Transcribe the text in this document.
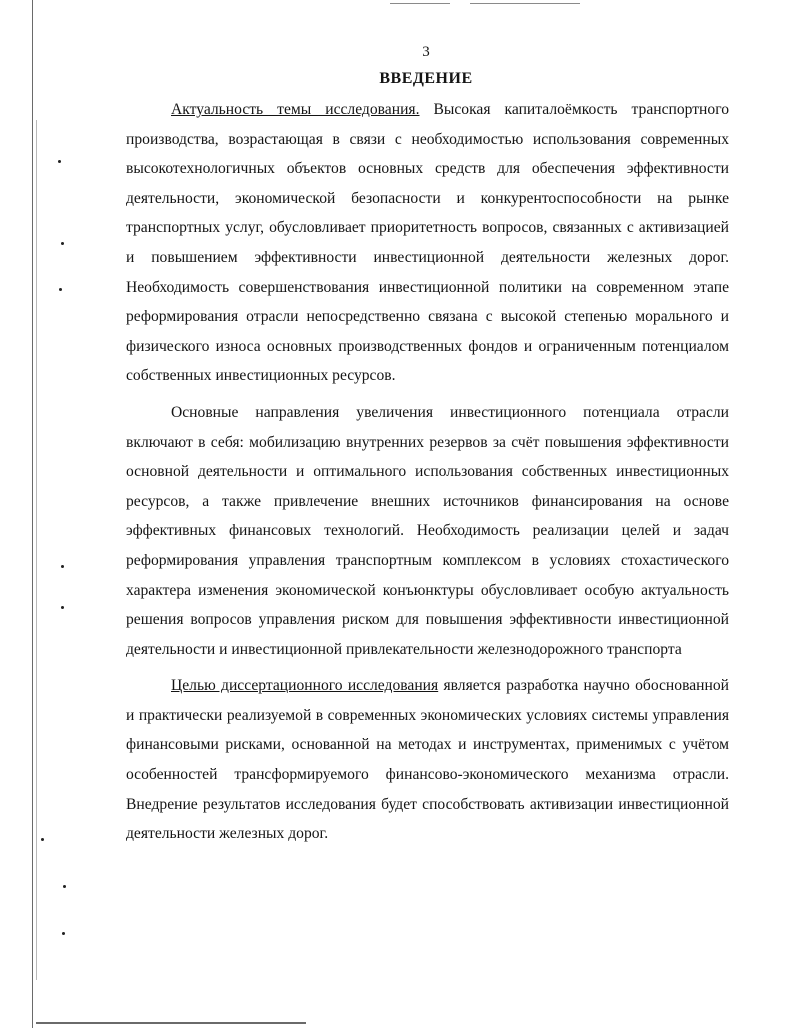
3
ВВЕДЕНИЕ

Актуальность темы исследования. Высокая капиталоёмкость транспортного производства, возрастающая в связи с необходимостью использования современных высокотехнологичных объектов основных средств для обеспечения эффективности деятельности, экономической безопасности и конкурентоспособности на рынке транспортных услуг, обусловливает приоритетность вопросов, связанных с активизацией и повышением эффективности инвестиционной деятельности железных дорог. Необходимость совершенствования инвестиционной политики на современном этапе реформирования отрасли непосредственно связана с высокой степенью морального и физического износа основных производственных фондов и ограниченным потенциалом собственных инвестиционных ресурсов.

Основные направления увеличения инвестиционного потенциала отрасли включают в себя: мобилизацию внутренних резервов за счёт повышения эффективности основной деятельности и оптимального использования собственных инвестиционных ресурсов, а также привлечение внешних источников финансирования на основе эффективных финансовых технологий. Необходимость реализации целей и задач реформирования управления транспортным комплексом в условиях стохастического характера изменения экономической конъюнктуры обусловливает особую актуальность решения вопросов управления риском для повышения эффективности инвестиционной деятельности и инвестиционной привлекательности железнодорожного транспорта

Целью диссертационного исследования является разработка научно обоснованной и практически реализуемой в современных экономических условиях системы управления финансовыми рисками, основанной на методах и инструментах, применимых с учётом особенностей трансформируемого финансово-экономического механизма отрасли. Внедрение результатов исследования будет способствовать активизации инвестиционной деятельности железных дорог.
